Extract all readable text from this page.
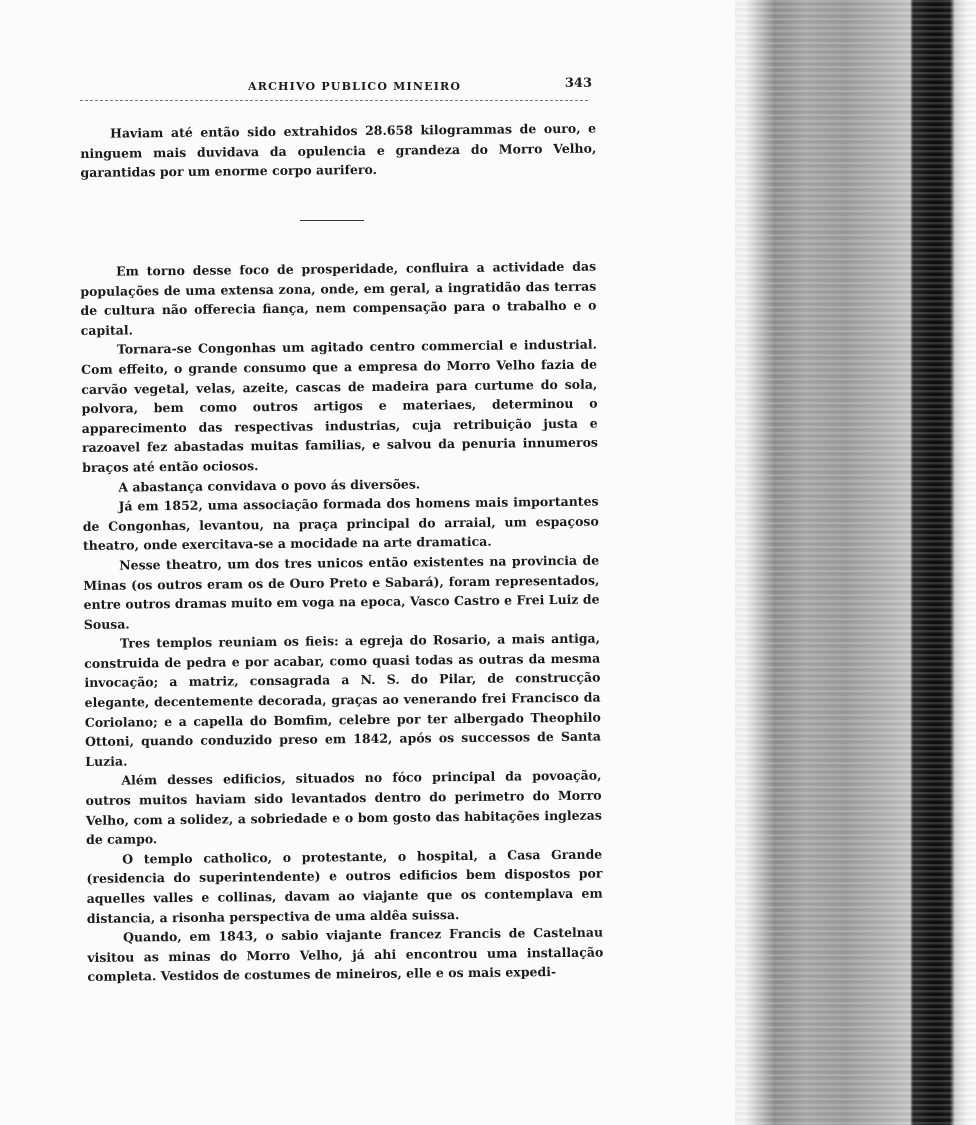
ARCHIVO PUBLICO MINEIRO	343

Haviam até então sido extrahidos 28.658 kilogrammas de ouro, e ninguem mais duvidava da opulencia e grandeza do Morro Velho, garantidas por um enorme corpo aurifero.

Em torno desse foco de prosperidade, confluira a actividade das populações de uma extensa zona, onde, em geral, a ingratidão das terras de cultura não offerecia fiança, nem compensação para o trabalho e o capital.

Tornara-se Congonhas um agitado centro commercial e industrial. Com effeito, o grande consumo que a empresa do Morro Velho fazia de carvão vegetal, velas, azeite, cascas de madeira para curtume do sola, polvora, bem como outros artigos e materiaes, determinou o apparecimento das respectivas industrias, cuja retribuição justa e razoavel fez abastadas muitas familias, e salvou da penuria innumeros braços até então ociosos.

A abastança convidava o povo ás diversões.

Já em 1852, uma associação formada dos homens mais importantes de Congonhas, levantou, na praça principal do arraial, um espaçoso theatro, onde exercitava-se a mocidade na arte dramatica.

Nesse theatro, um dos tres unicos então existentes na provincia de Minas (os outros eram os de Ouro Preto e Sabará), foram representados, entre outros dramas muito em voga na epoca, Vasco Castro e Frei Luiz de Sousa.

Tres templos reuniam os fieis: a egreja do Rosario, a mais antiga, construida de pedra e por acabar, como quasi todas as outras da mesma invocação; a matriz, consagrada a N. S. do Pilar, de construcção elegante, decentemente decorada, graças ao venerando frei Francisco da Coriolano; e a capella do Bomfim, celebre por ter albergado Theophilo Ottoni, quando conduzido preso em 1842, após os successos de Santa Luzia.

Além desses edificios, situados no fóco principal da povoação, outros muitos haviam sido levantados dentro do perimetro do Morro Velho, com a solidez, a sobriedade e o bom gosto das habitações inglezas de campo.

O templo catholico, o protestante, o hospital, a Casa Grande (residencia do superintendente) e outros edificios bem dispostos por aquelles valles e collinas, davam ao viajante que os contemplava em distancia, a risonha perspectiva de uma aldêa suissa.

Quando, em 1843, o sabio viajante francez Francis de Castelnau visitou as minas do Morro Velho, já ahi encontrou uma installação completa. Vestidos de costumes de mineiros, elle e os mais expedi-
